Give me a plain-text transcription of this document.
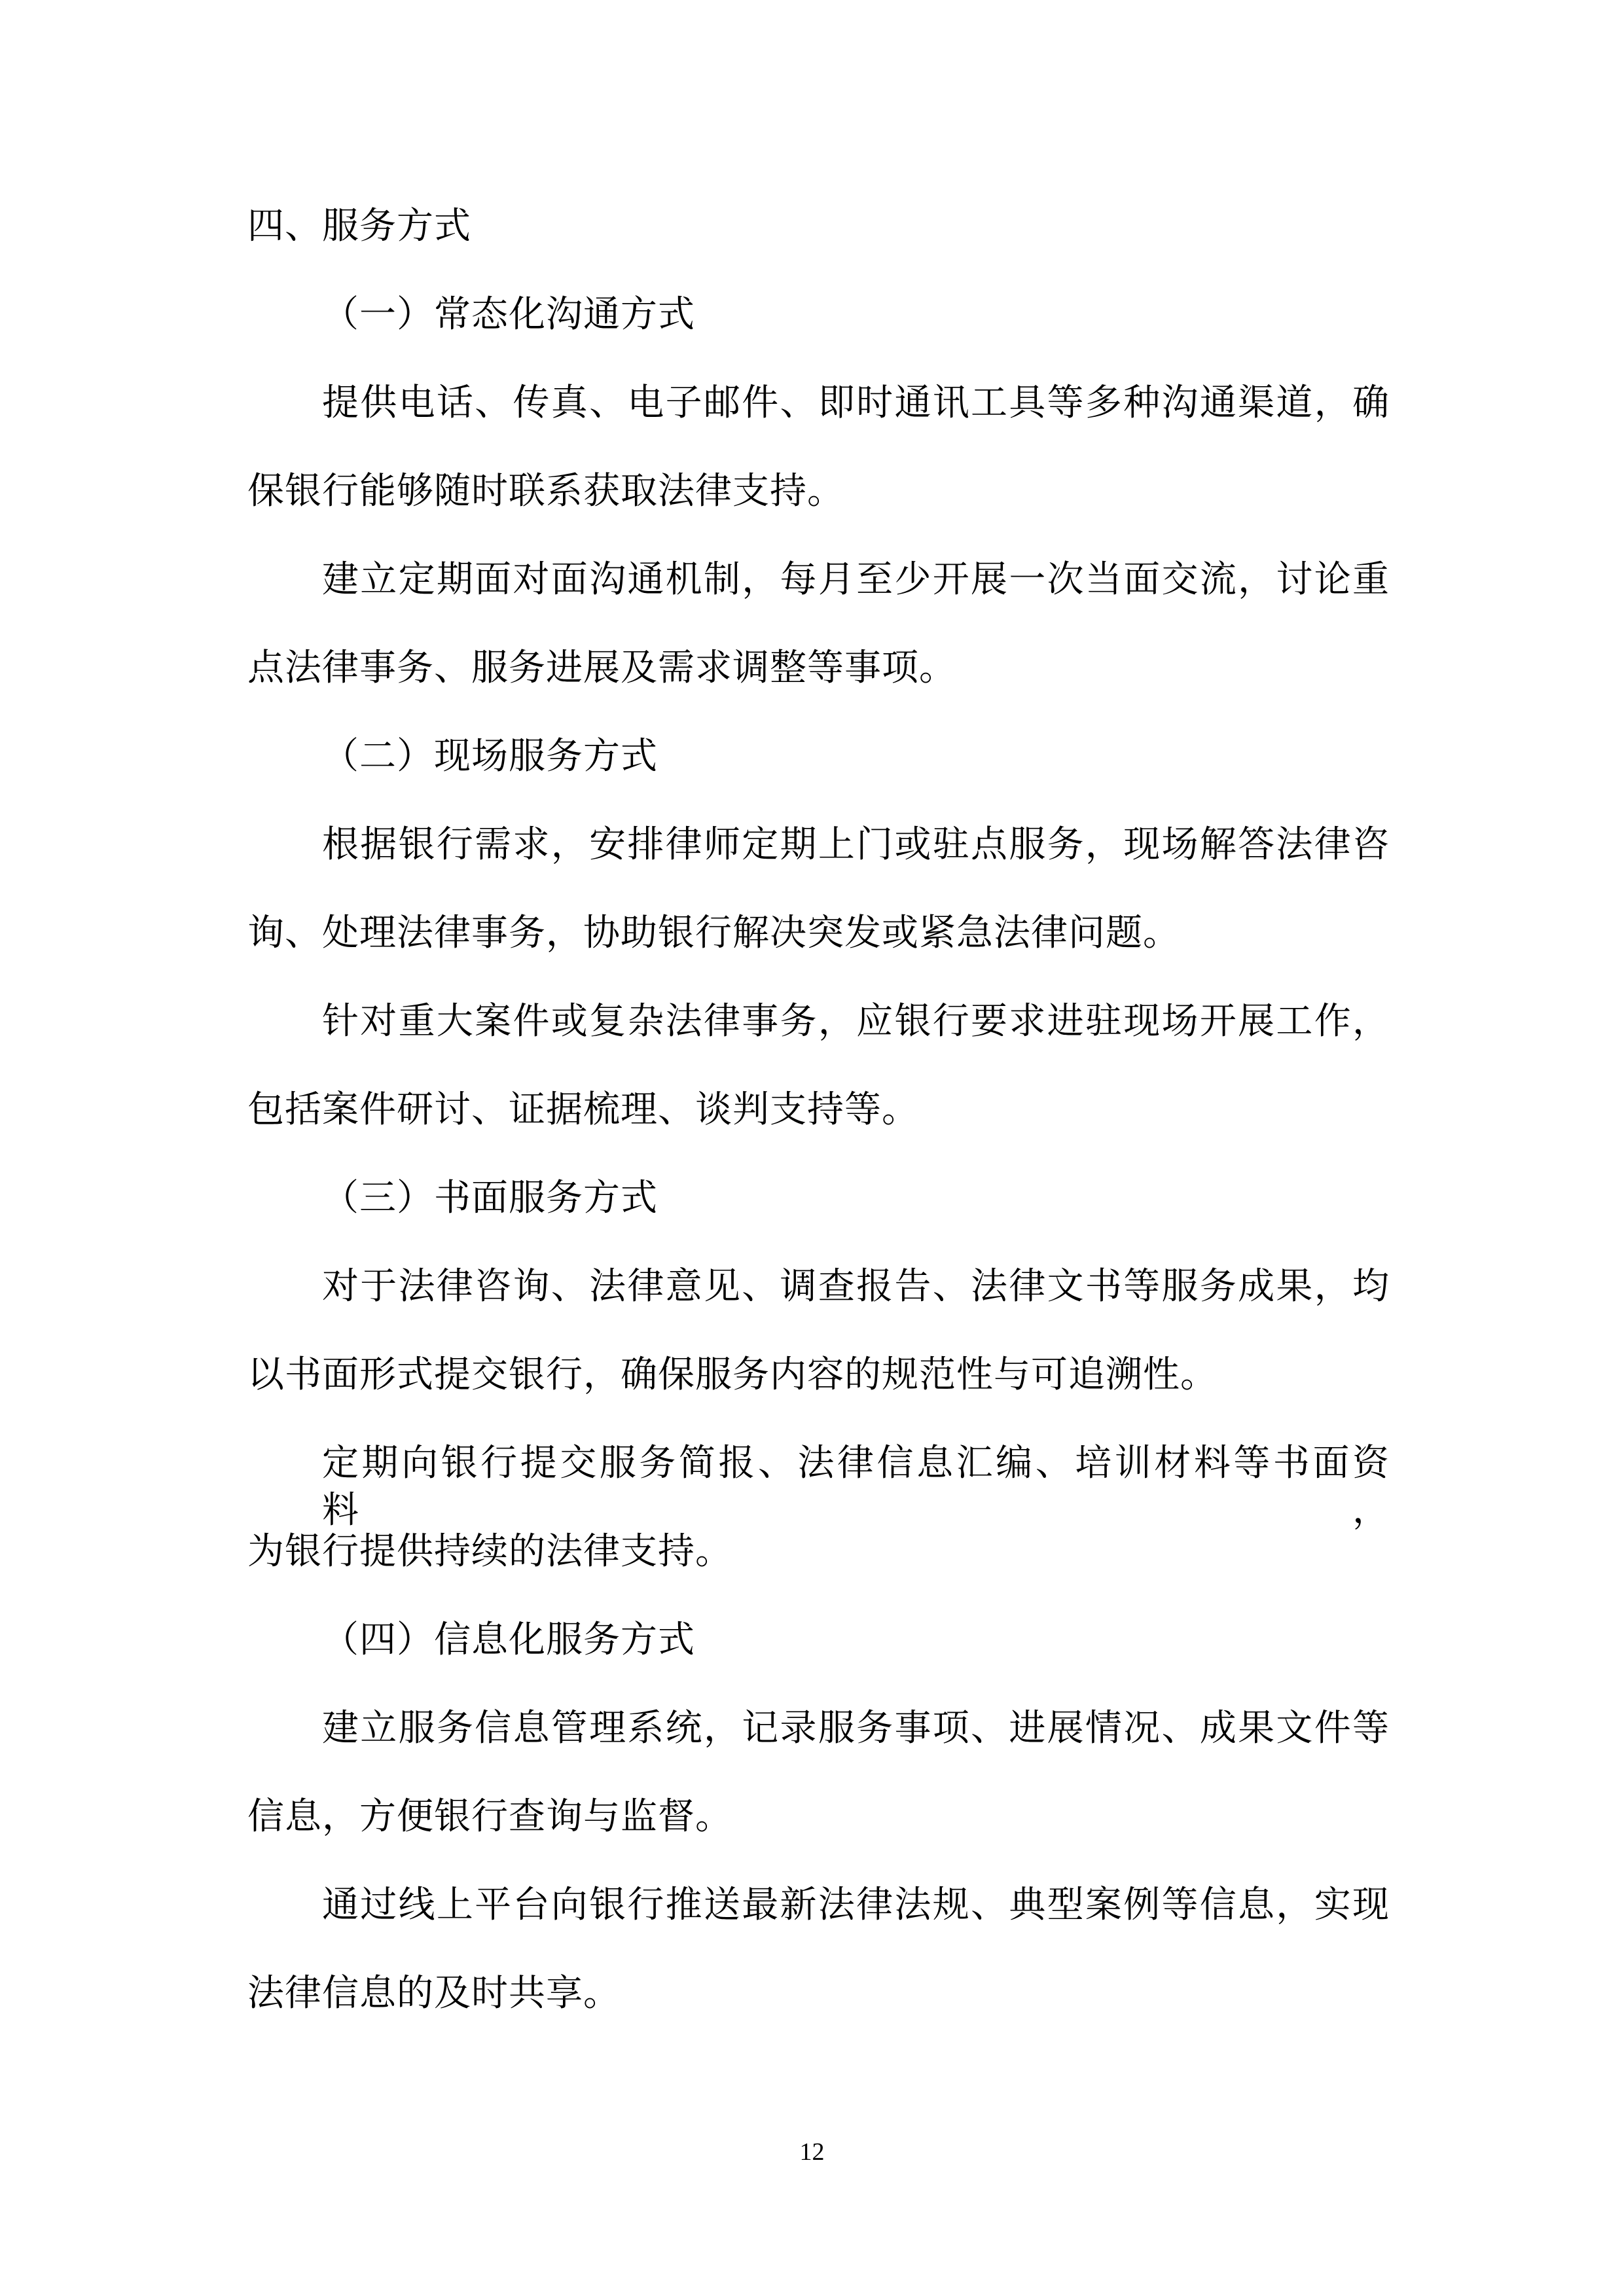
四、服务方式
（一）常态化沟通方式
提供电话、传真、电子邮件、即时通讯工具等多种沟通渠道，确
保银行能够随时联系获取法律支持。
建立定期面对面沟通机制，每月至少开展一次当面交流，讨论重
点法律事务、服务进展及需求调整等事项。
（二）现场服务方式
根据银行需求，安排律师定期上门或驻点服务，现场解答法律咨
询、处理法律事务，协助银行解决突发或紧急法律问题。
针对重大案件或复杂法律事务，应银行要求进驻现场开展工作，
包括案件研讨、证据梳理、谈判支持等。
（三）书面服务方式
对于法律咨询、法律意见、调查报告、法律文书等服务成果，均
以书面形式提交银行，确保服务内容的规范性与可追溯性。
定期向银行提交服务简报、法律信息汇编、培训材料等书面资料，
为银行提供持续的法律支持。
（四）信息化服务方式
建立服务信息管理系统，记录服务事项、进展情况、成果文件等
信息，方便银行查询与监督。
通过线上平台向银行推送最新法律法规、典型案例等信息，实现
法律信息的及时共享。
12
